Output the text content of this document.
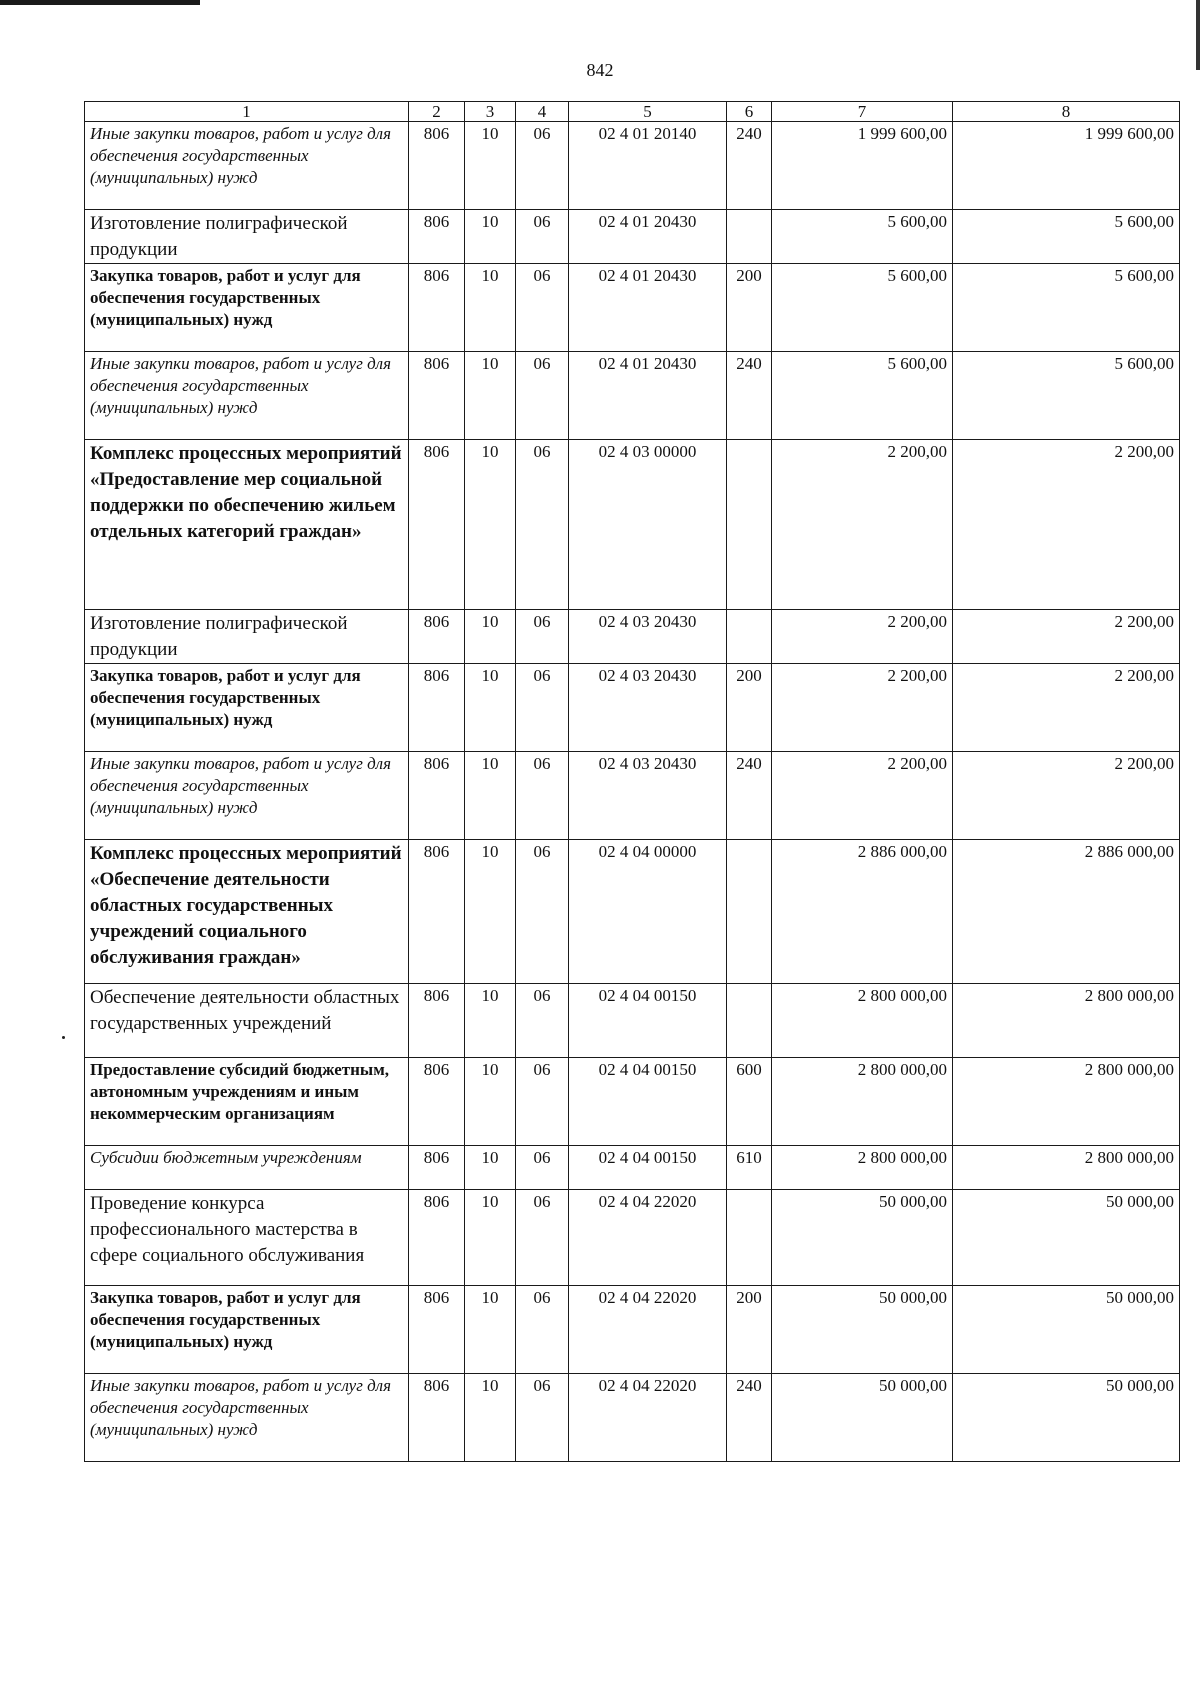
842
1	2	3	4	5	6	7	8
Иные закупки товаров, работ и услуг для обеспечения государственных (муниципальных) нужд	806	10	06	02 4 01 20140	240	1 999 600,00	1 999 600,00
Изготовление полиграфической продукции	806	10	06	02 4 01 20430		5 600,00	5 600,00
Закупка товаров, работ и услуг для обеспечения государственных (муниципальных) нужд	806	10	06	02 4 01 20430	200	5 600,00	5 600,00
Иные закупки товаров, работ и услуг для обеспечения государственных (муниципальных) нужд	806	10	06	02 4 01 20430	240	5 600,00	5 600,00
Комплекс процессных мероприятий «Предоставление мер социальной поддержки по обеспечению жильем отдельных категорий граждан»	806	10	06	02 4 03 00000		2 200,00	2 200,00
Изготовление полиграфической продукции	806	10	06	02 4 03 20430		2 200,00	2 200,00
Закупка товаров, работ и услуг для обеспечения государственных (муниципальных) нужд	806	10	06	02 4 03 20430	200	2 200,00	2 200,00
Иные закупки товаров, работ и услуг для обеспечения государственных (муниципальных) нужд	806	10	06	02 4 03 20430	240	2 200,00	2 200,00
Комплекс процессных мероприятий «Обеспечение деятельности областных государственных учреждений социального обслуживания граждан»	806	10	06	02 4 04 00000		2 886 000,00	2 886 000,00
Обеспечение деятельности областных государственных учреждений	806	10	06	02 4 04 00150		2 800 000,00	2 800 000,00
Предоставление субсидий бюджетным, автономным учреждениям и иным некоммерческим организациям	806	10	06	02 4 04 00150	600	2 800 000,00	2 800 000,00
Субсидии бюджетным учреждениям	806	10	06	02 4 04 00150	610	2 800 000,00	2 800 000,00
Проведение конкурса профессионального мастерства в сфере социального обслуживания	806	10	06	02 4 04 22020		50 000,00	50 000,00
Закупка товаров, работ и услуг для обеспечения государственных (муниципальных) нужд	806	10	06	02 4 04 22020	200	50 000,00	50 000,00
Иные закупки товаров, работ и услуг для обеспечения государственных (муниципальных) нужд	806	10	06	02 4 04 22020	240	50 000,00	50 000,00
